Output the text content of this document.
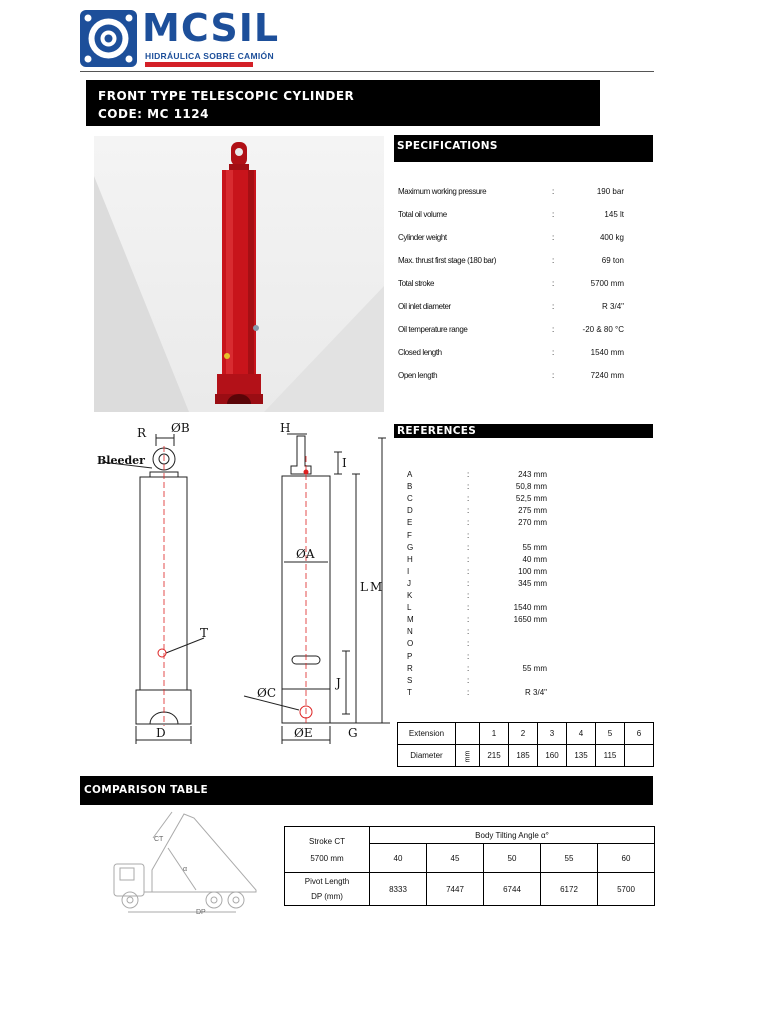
MCSIL
HIDRÁULICA SOBRE CAMIÓN
FRONT TYPE TELESCOPIC CYLINDER
CODE: MC 1124
SPECIFICATIONS
Maximum working pressure	:	190 bar
Total oil volume	:	145 lt
Cylinder weight	:	400 kg
Max. thrust first stage (180 bar)	:	69 ton
Total stroke	:	5700 mm
Oil inlet diameter	:	R 3/4"
Oil temperature range	:	-20 & 80 °C
Closed length	:	1540 mm
Open length	:	7240 mm
REFERENCES
A	:	243 mm
B	:	50,8 mm
C	:	52,5 mm
D	:	275 mm
E	:	270 mm
F	:
G	:	55 mm
H	:	40 mm
I	:	100 mm
J	:	345 mm
K	:
L	:	1540 mm
M	:	1650 mm
N	:
O	:
P	:
R	:	55 mm
S	:
T	:	R 3/4"
R ØB
Bleeder
T
ØC
D
H
I
ØA
L M
J
ØE	G	Extension		1	2	3	4	5	6
Diameter	mm	215	185	160	135	115	
COMPARISON TABLE
CT
α
DP
Stroke CT
5700 mm	Body Tilting Angle α°				
	40	45	50	55	60

Pivot Length
DP (mm)	8333	7447	6744	6172	5700
